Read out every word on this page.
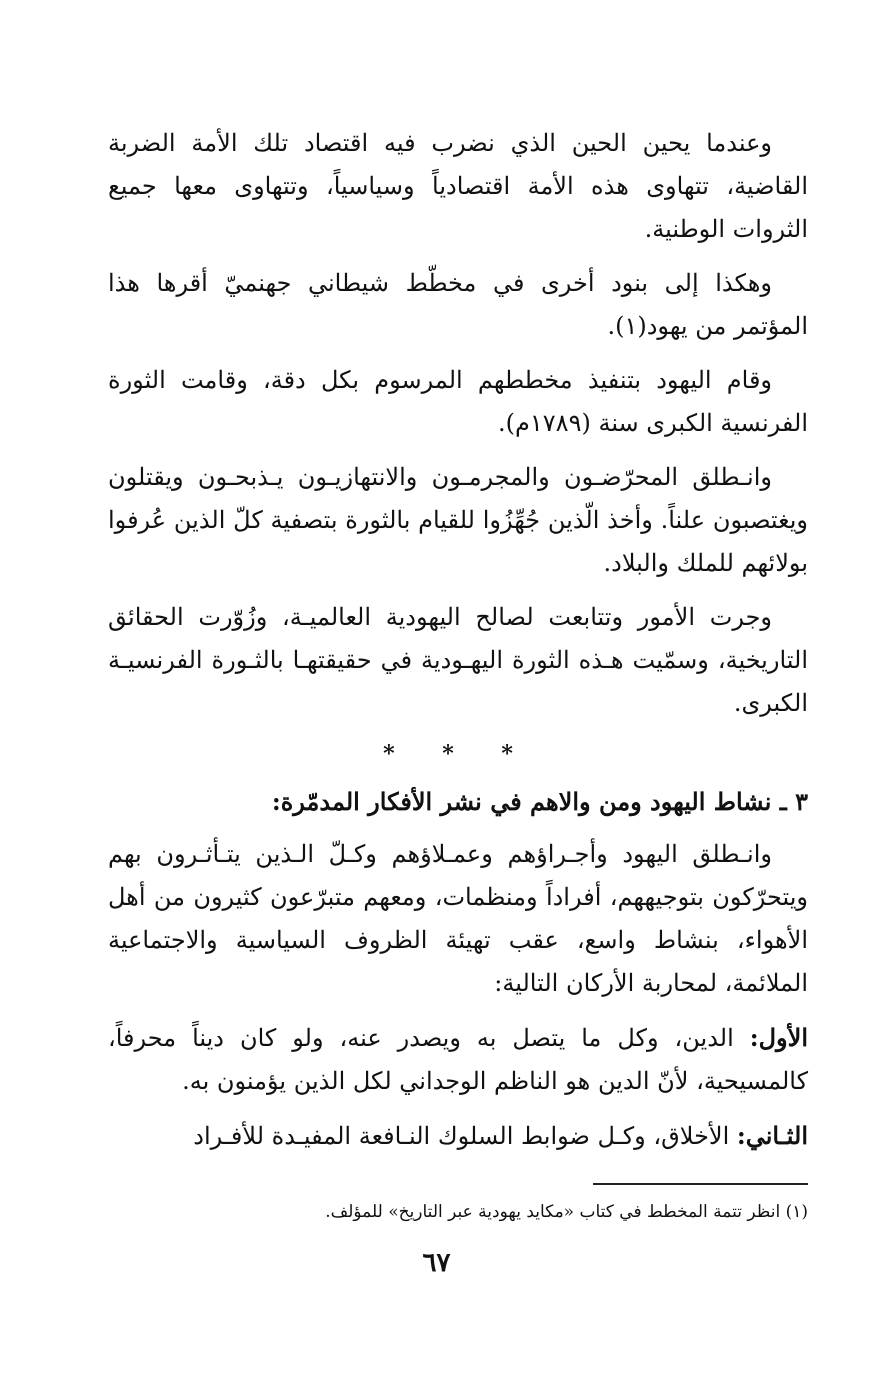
وعندما يحين الحين الذي نضرب فيه اقتصاد تلك الأمة الضربة القاضية، تتهاوى هذه الأمة اقتصادياً وسياسياً، وتتهاوى معها جميع الثروات الوطنية.

وهكذا إلى بنود أخرى في مخطّط شيطاني جهنميّ أقرها هذا المؤتمر من يهود(١).

وقام اليهود بتنفيذ مخططهم المرسوم بكل دقة، وقامت الثورة الفرنسية الكبرى سنة (١٧٨٩م).

وانـطلق المحرّضـون والمجرمـون والانتهازيـون يـذبحـون ويقتلون ويغتصبون علناً. وأخذ الّذين جُهِّزُوا للقيام بالثورة بتصفية كلّ الذين عُرفوا بولائهم للملك والبلاد.

وجرت الأمور وتتابعت لصالح اليهودية العالميـة، وزُوّرت الحقائق التاريخية، وسمّيت هـذه الثورة اليهـودية في حقيقتهـا بالثـورة الفرنسيـة الكبرى.

* * *

٣ ـ نشاط اليهود ومن والاهم في نشر الأفكار المدمّرة:

وانـطلق اليهود وأجـراؤهم وعمـلاؤهم وكـلّ الـذين يتـأثـرون بهم ويتحرّكون بتوجيههم، أفراداً ومنظمات، ومعهم متبرّعون كثيرون من أهل الأهواء، بنشاط واسع، عقب تهيئة الظروف السياسية والاجتماعية الملائمة، لمحاربة الأركان التالية:

الأول: الدين، وكل ما يتصل به ويصدر عنه، ولو كان ديناً محرفاً، كالمسيحية، لأنّ الدين هو الناظم الوجداني لكل الذين يؤمنون به.

الثـاني: الأخلاق، وكـل ضوابط السلوك النـافعة المفيـدة للأفـراد

(١) انظر تتمة المخطط في كتاب «مكايد يهودية عبر التاريخ» للمؤلف.

٦٧
